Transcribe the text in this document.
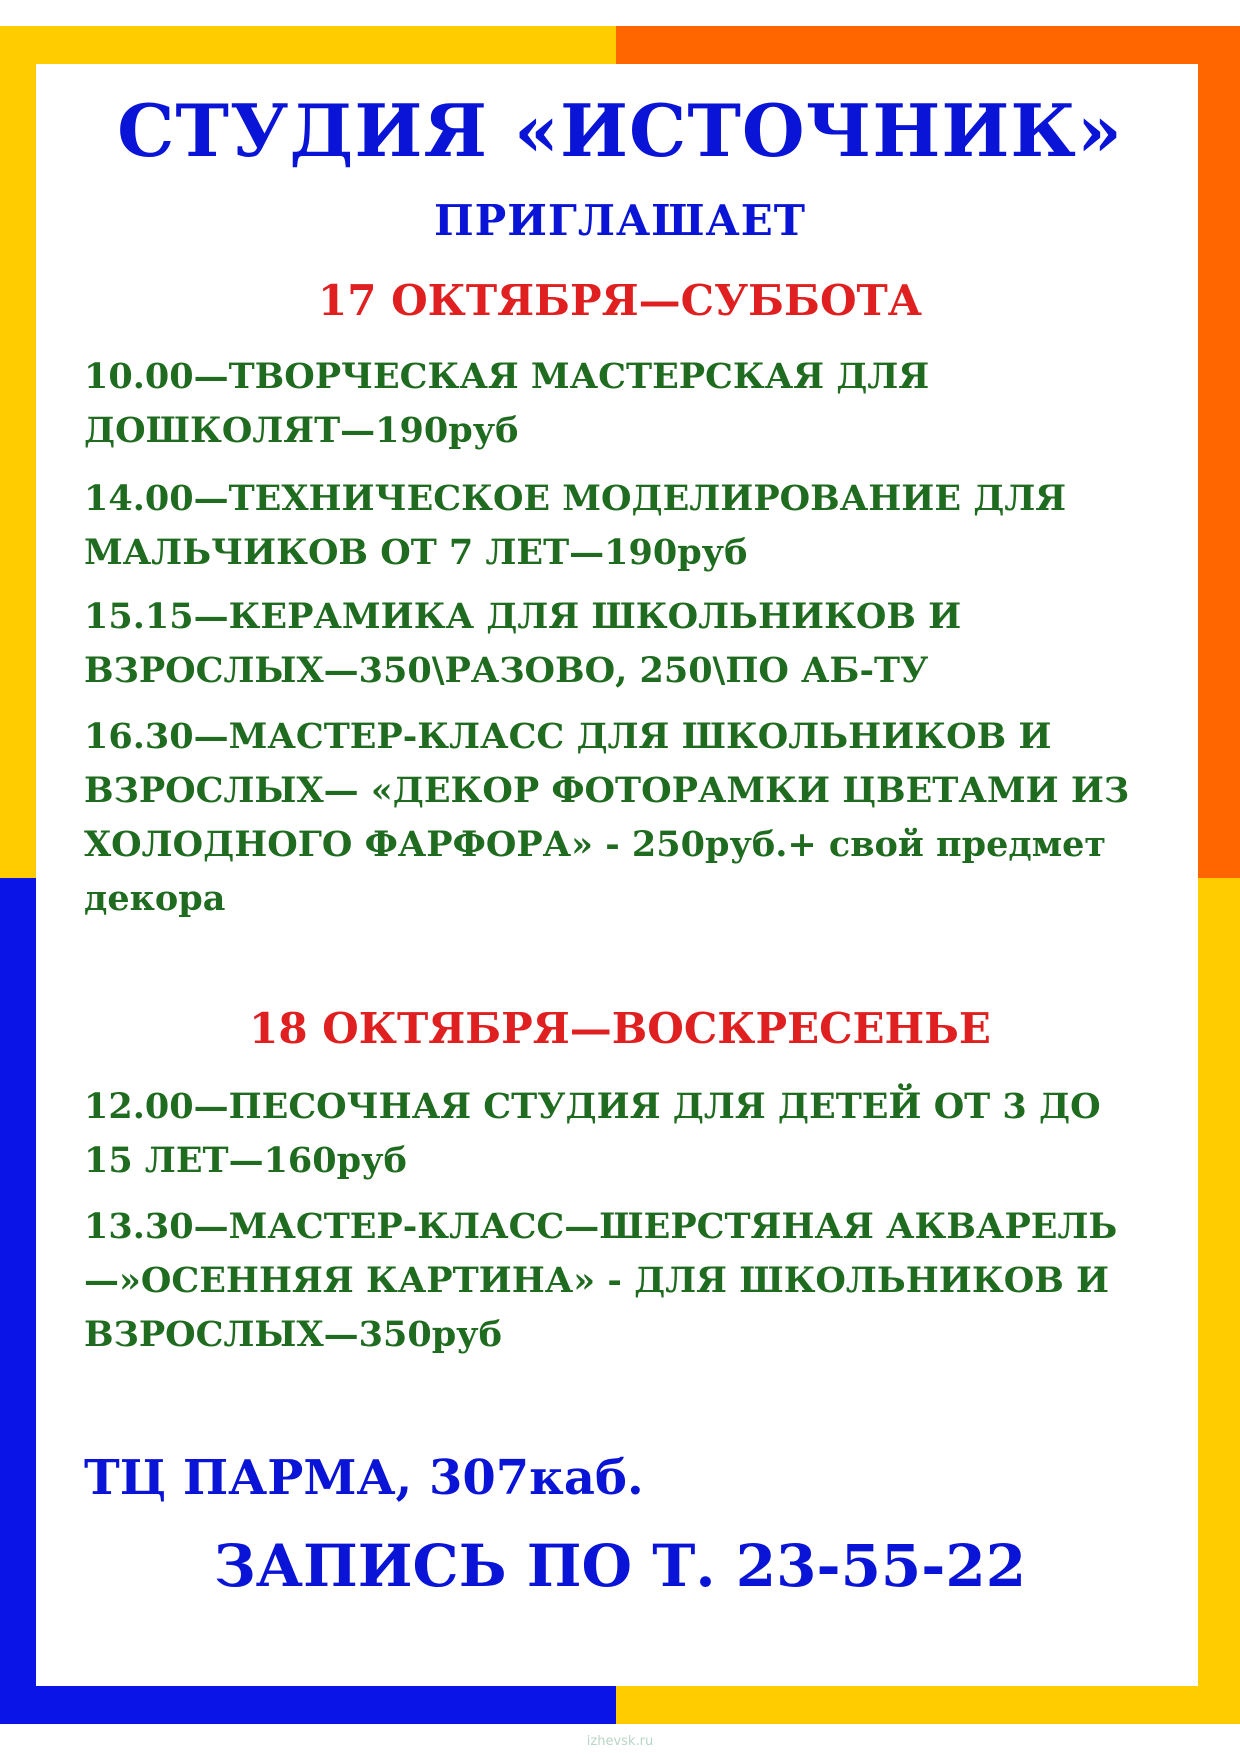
СТУДИЯ «ИСТОЧНИК»
ПРИГЛАШАЕТ
17 ОКТЯБРЯ—СУББОТА
10.00—ТВОРЧЕСКАЯ МАСТЕРСКАЯ ДЛЯ ДОШКОЛЯТ—190руб
14.00—ТЕХНИЧЕСКОЕ МОДЕЛИРОВАНИЕ ДЛЯ МАЛЬЧИКОВ ОТ 7 ЛЕТ—190руб
15.15—КЕРАМИКА ДЛЯ ШКОЛЬНИКОВ И ВЗРОСЛЫХ—350\РАЗОВО, 250\ПО АБ-ТУ
16.30—МАСТЕР-КЛАСС ДЛЯ ШКОЛЬНИКОВ И ВЗРОСЛЫХ— «ДЕКОР ФОТОРАМКИ ЦВЕТАМИ ИЗ ХОЛОДНОГО ФАРФОРА» - 250руб.+ свой предмет декора
18 ОКТЯБРЯ—ВОСКРЕСЕНЬЕ
12.00—ПЕСОЧНАЯ СТУДИЯ ДЛЯ ДЕТЕЙ ОТ 3 ДО 15 ЛЕТ—160руб
13.30—МАСТЕР-КЛАСС—ШЕРСТЯНАЯ АКВАРЕЛЬ—»ОСЕННЯЯ КАРТИНА» - ДЛЯ ШКОЛЬНИКОВ И ВЗРОСЛЫХ—350руб
ТЦ ПАРМА, 307каб.
ЗАПИСЬ ПО Т. 23-55-22
izhevsk.ru
